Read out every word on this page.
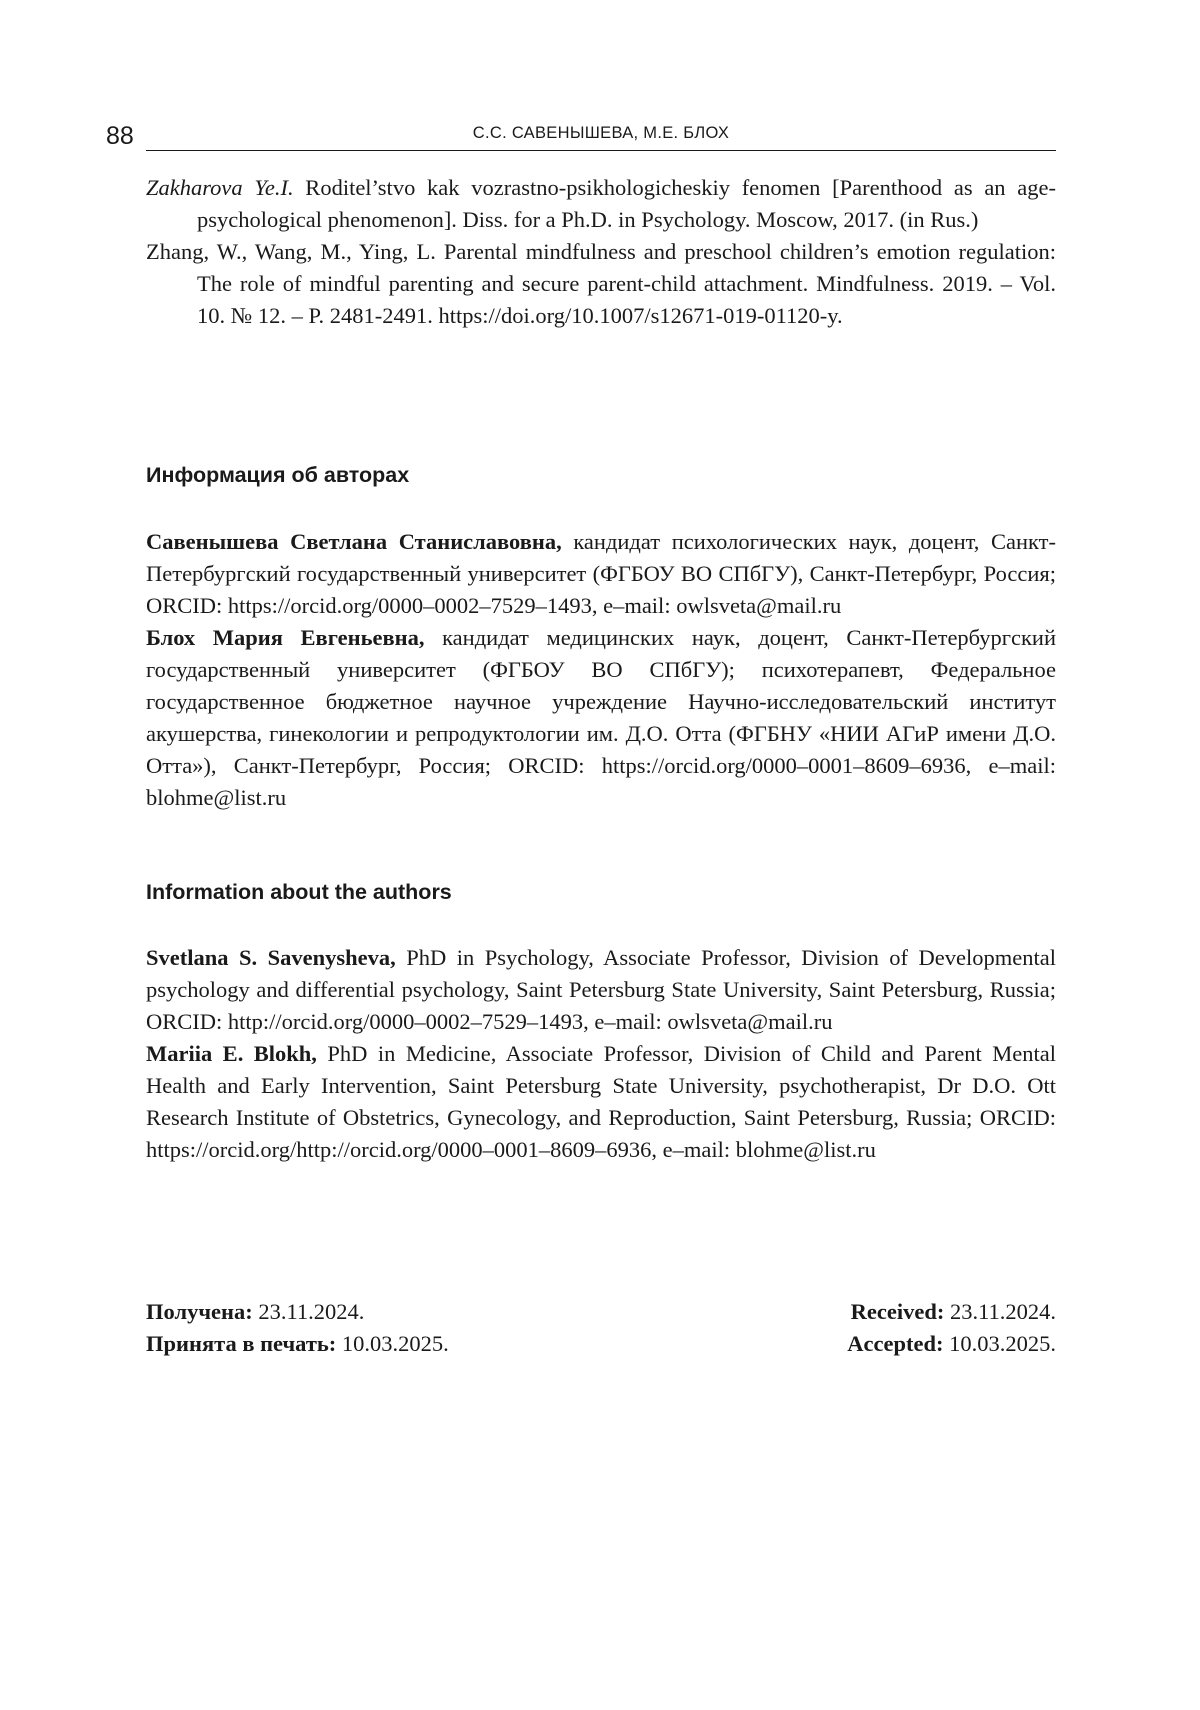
88	С.С. САВЕНЫШЕВА, М.Е. БЛОХ

Zakharova Ye.I. Roditel’stvo kak vozrastno-psikhologicheskiy fenomen [Parenthood as an age-psychological phenomenon]. Diss. for a Ph.D. in Psychology. Moscow, 2017. (in Rus.)

Zhang, W., Wang, M., Ying, L. Parental mindfulness and preschool children’s emotion regulation: The role of mindful parenting and secure parent-child attachment. Mindfulness. 2019. – Vol. 10. № 12. – P. 2481-2491. https://doi.org/10.1007/s12671-019-01120-y.

Информация об авторах

Савенышева Светлана Станиславовна, кандидат психологических наук, доцент, Санкт-Петербургский государственный университет (ФГБОУ ВО СПбГУ), Санкт-Петербург, Россия; ORCID: https://orcid.org/0000–0002–7529–1493, e–mail: owlsveta@mail.ru

Блох Мария Евгеньевна, кандидат медицинских наук, доцент, Санкт-Петербургский государственный университет (ФГБОУ ВО СПбГУ); психотерапевт, Федеральное государственное бюджетное научное учреждение Научно-исследовательский институт акушерства, гинекологии и репродуктологии им. Д.О. Отта (ФГБНУ «НИИ АГиР имени Д.О. Отта»), Санкт-Петербург, Россия; ORCID: https://orcid.org/0000–0001–8609–6936, e–mail: blohme@list.ru

Information about the authors

Svetlana S. Savenysheva, PhD in Psychology, Associate Professor, Division of Developmental psychology and differential psychology, Saint Petersburg State University, Saint Petersburg, Russia; ORCID: http://orcid.org/0000–0002–7529–1493, e–mail: owlsveta@mail.ru

Mariia E. Blokh, PhD in Medicine, Associate Professor, Division of Child and Parent Mental Health and Early Intervention, Saint Petersburg State University, psychotherapist, Dr D.O. Ott Research Institute of Obstetrics, Gynecology, and Reproduction, Saint Petersburg, Russia; ORCID: https://orcid.org/http://orcid.org/0000–0001–8609–6936, e–mail: blohme@list.ru

Получена: 23.11.2024.	Received: 23.11.2024.
Принята в печать: 10.03.2025.	Accepted: 10.03.2025.
